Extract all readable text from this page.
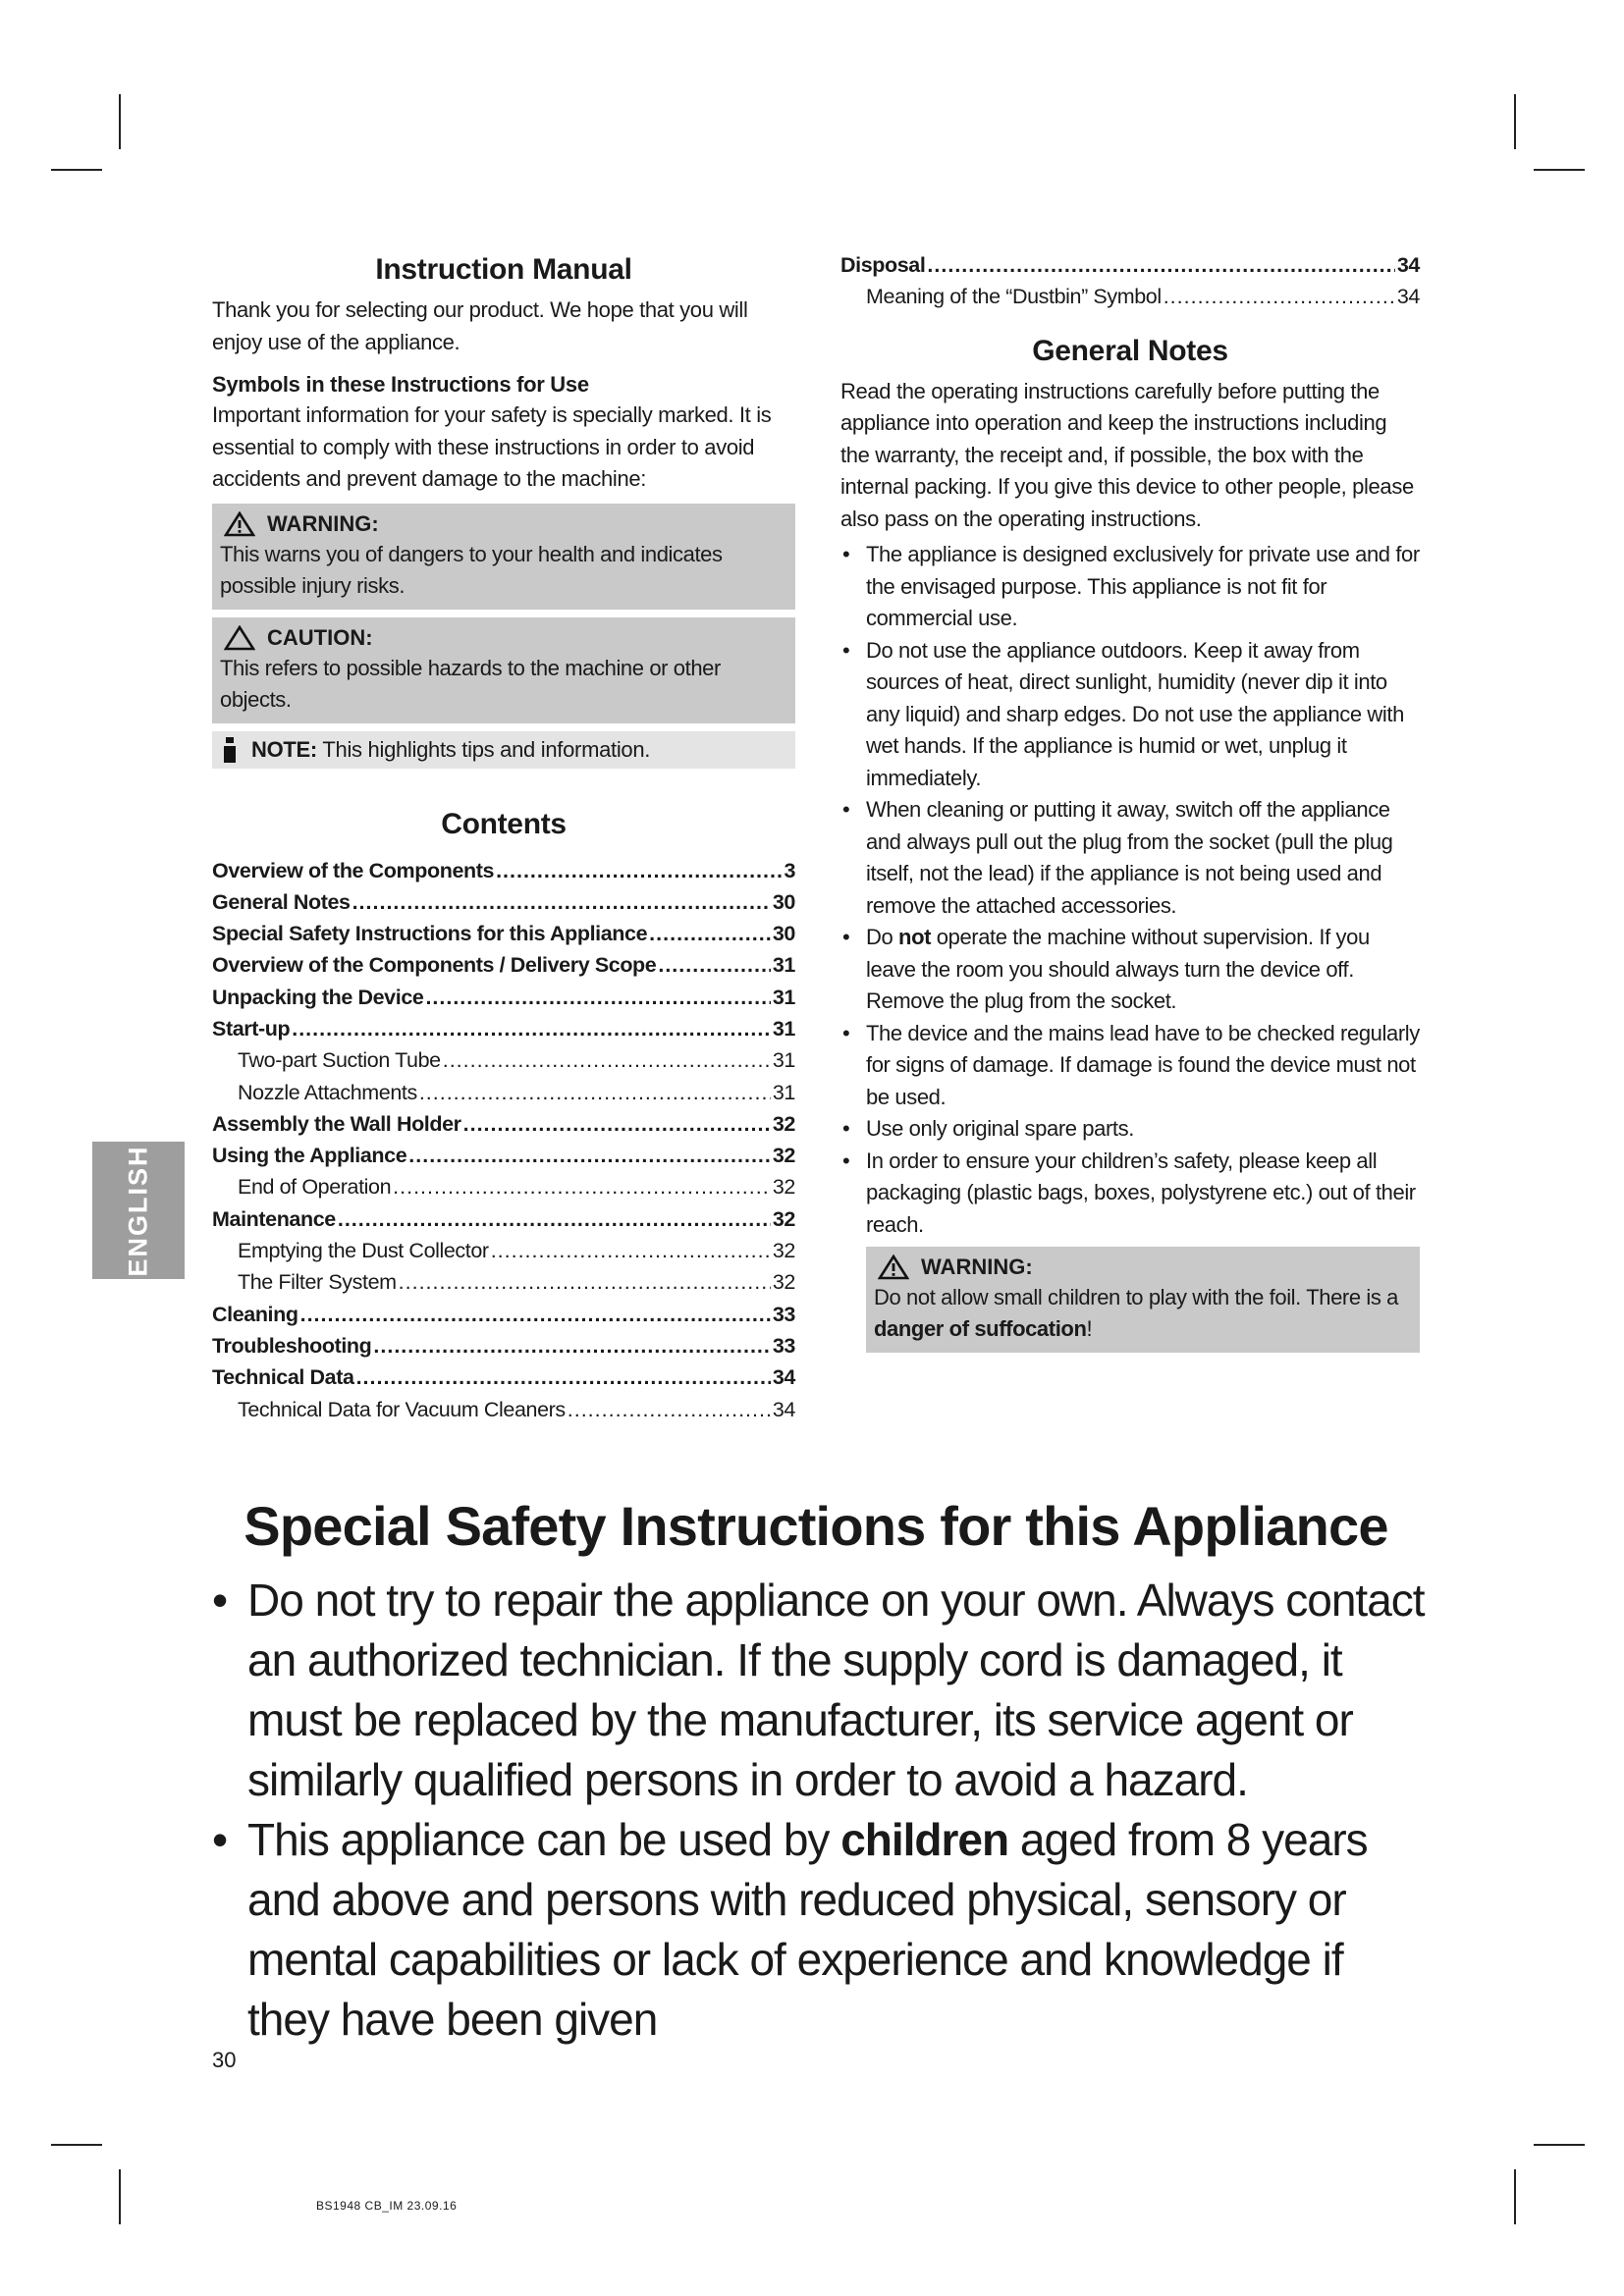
Instruction Manual

Thank you for selecting our product. We hope that you will enjoy use of the appliance.

Symbols in these Instructions for Use

Important information for your safety is specially marked. It is essential to comply with these instructions in order to avoid accidents and prevent damage to the machine:

WARNING:
This warns you of dangers to your health and indicates possible injury risks.
CAUTION:
This refers to possible hazards to the machine or other objects.
NOTE: This highlights tips and information.
Contents
Overview of the Components .....	3
General Notes .....	30
Special Safety Instructions for this Appliance .....	30
Overview of the Components / Delivery Scope .....	31
Unpacking the Device .....	31
Start-up .....	31
Two-part Suction Tube .....	31
Nozzle Attachments .....	31
Assembly the Wall Holder .....	32
Using the Appliance .....	32
End of Operation .....	32
Maintenance .....	32
Emptying the Dust Collector .....	32
The Filter System .....	32
Cleaning .....	33
Troubleshooting .....	33
Technical Data .....	34
Technical Data for Vacuum Cleaners .....	34
Disposal .....	34
Meaning of the “Dustbin” Symbol .....	34
General Notes

Read the operating instructions carefully before putting the appliance into operation and keep the instructions including the warranty, the receipt and, if possible, the box with the internal packing. If you give this device to other people, please also pass on the operating instructions.

• The appliance is designed exclusively for private use and for the envisaged purpose. This appliance is not fit for commercial use.
• Do not use the appliance outdoors. Keep it away from sources of heat, direct sunlight, humidity (never dip it into any liquid) and sharp edges. Do not use the appliance with wet hands. If the appliance is humid or wet, unplug it immediately.
• When cleaning or putting it away, switch off the appliance and always pull out the plug from the socket (pull the plug itself, not the lead) if the appliance is not being used and remove the attached accessories.
• Do not operate the machine without supervision. If you leave the room you should always turn the device off. Remove the plug from the socket.
• The device and the mains lead have to be checked regularly for signs of damage. If damage is found the device must not be used.
• Use only original spare parts.
• In order to ensure your children’s safety, please keep all packaging (plastic bags, boxes, polystyrene etc.) out of their reach.
WARNING:
Do not allow small children to play with the foil. There is a danger of suffocation!
ENGLISH
Special Safety Instructions for this Appliance
• Do not try to repair the appliance on your own. Always contact an authorized technician. If the supply cord is damaged, it must be replaced by the manufacturer, its service agent or similarly qualified persons in order to avoid a hazard.
• This appliance can be used by children aged from 8 years and above and persons with reduced physical, sensory or mental capabilities or lack of experience and knowledge if they have been given
30
BS1948 CB_IM 23.09.16
